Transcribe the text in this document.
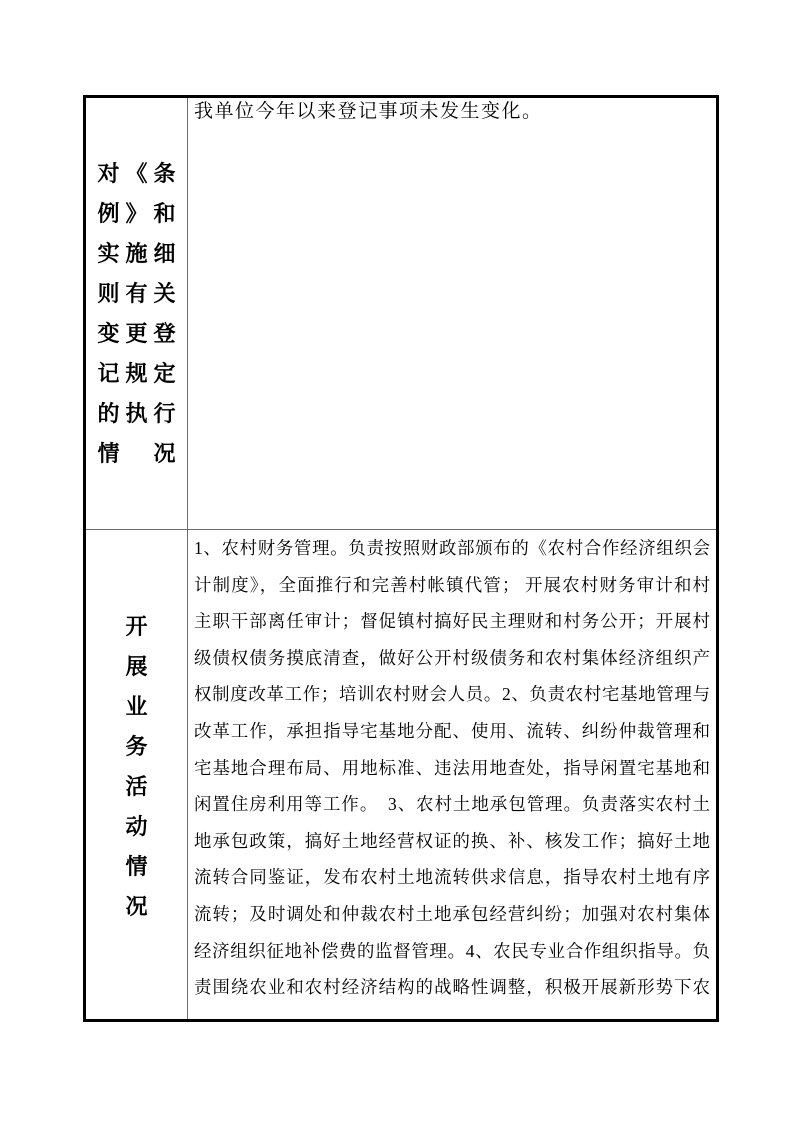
对《条
例》和
实施细
则有关
变更登
记规定
的执行
情况
我单位今年以来登记事项未发生变化。
开
展
业
务
活
动
情
况
1、农村财务管理。负责按照财政部颁布的《农村合作经济组织会
计制度》，全面推行和完善村帐镇代管； 开展农村财务审计和村
主职干部离任审计；督促镇村搞好民主理财和村务公开；开展村
级债权债务摸底清查，做好公开村级债务和农村集体经济组织产
权制度改革工作；培训农村财会人员。2、负责农村宅基地管理与
改革工作，承担指导宅基地分配、使用、流转、纠纷仲裁管理和
宅基地合理布局、用地标准、违法用地查处，指导闲置宅基地和
闲置住房利用等工作。　3、农村土地承包管理。负责落实农村土
地承包政策，搞好土地经营权证的换、补、核发工作；搞好土地
流转合同鉴证，发布农村土地流转供求信息，指导农村土地有序
流转；及时调处和仲裁农村土地承包经营纠纷；加强对农村集体
经济组织征地补偿费的监督管理。4、农民专业合作组织指导。负
责围绕农业和农村经济结构的战略性调整，积极开展新形势下农
